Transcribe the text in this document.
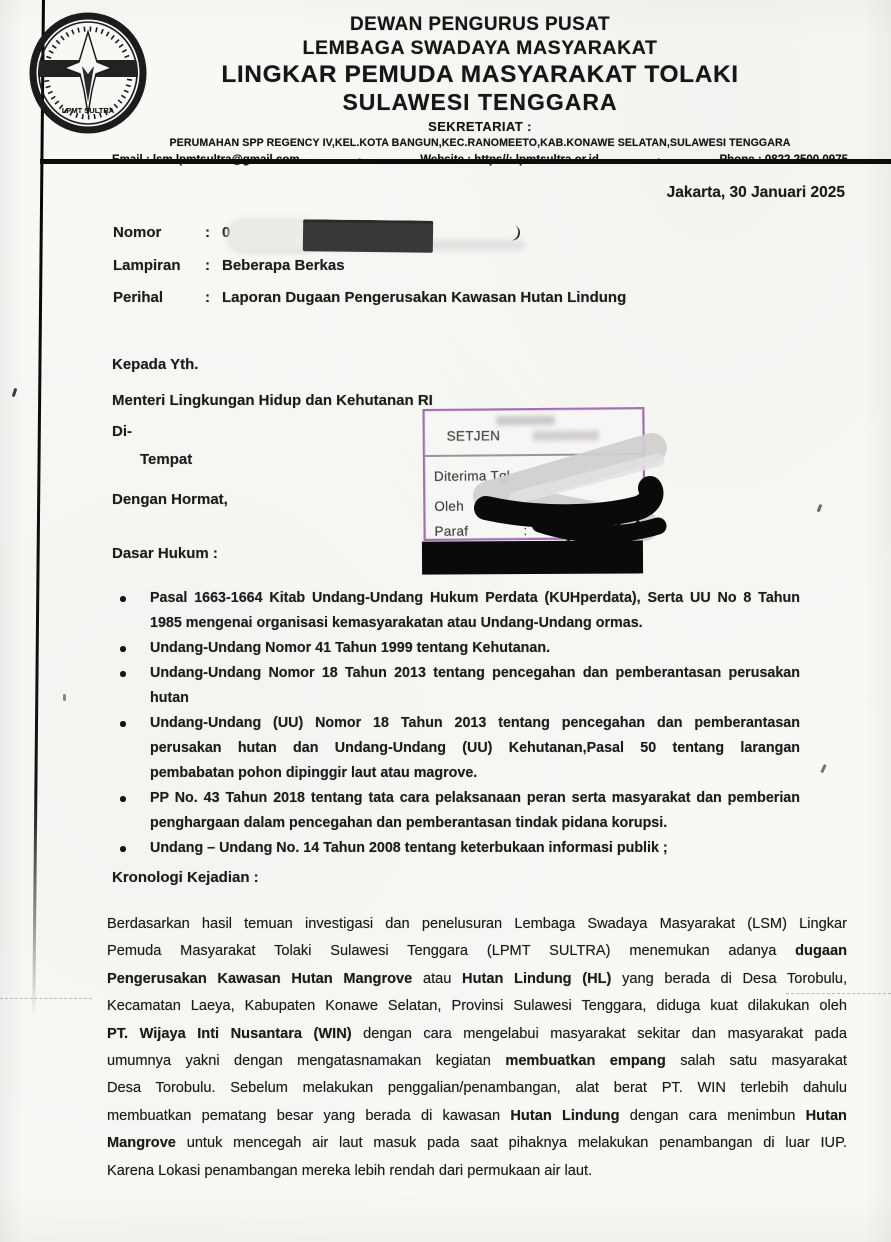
LPMT SULTRA
DEWAN PENGURUS PUSAT
LEMBAGA SWADAYA MASYARAKAT
LINGKAR PEMUDA MASYARAKAT TOLAKI
SULAWESI TENGGARA
SEKRETARIAT :
PERUMAHAN SPP REGENCY IV,KEL.KOTA BANGUN,KEC.RANOMEETO,KAB.KONAWE SELATAN,SULAWESI TENGGARA
Jakarta, 30 Januari 2025
Nomor	: 0
Lampiran	: Beberapa Berkas
Perihal	: Laporan Dugaan Pengerusakan Kawasan Hutan Lindung
Kepada Yth.
Menteri Lingkungan Hidup dan Kehutanan RI
Di-
Tempat
Dengan Hormat,
SETJEN
Diterima Tgl
Oleh
Paraf	:
Dasar Hukum :
Pasal 1663-1664 Kitab Undang-Undang Hukum Perdata (KUHperdata), Serta UU No 8 Tahun
1985 mengenai organisasi kemasyarakatan atau Undang-Undang ormas.
Undang-Undang Nomor 41 Tahun 1999 tentang Kehutanan.
Undang-Undang Nomor 18 Tahun 2013 tentang pencegahan dan pemberantasan perusakan
hutan
Undang-Undang (UU) Nomor 18 Tahun 2013 tentang pencegahan dan pemberantasan
perusakan hutan dan Undang-Undang (UU) Kehutanan,Pasal 50 tentang larangan
pembabatan pohon dipinggir laut atau magrove.
PP No. 43 Tahun 2018 tentang tata cara pelaksanaan peran serta masyarakat dan pemberian
penghargaan dalam pencegahan dan pemberantasan tindak pidana korupsi.
Undang – Undang No. 14 Tahun 2008 tentang keterbukaan informasi publik ;
Kronologi Kejadian :
Berdasarkan hasil temuan investigasi dan penelusuran Lembaga Swadaya Masyarakat (LSM) Lingkar
Pemuda Masyarakat Tolaki Sulawesi Tenggara (LPMT SULTRA) menemukan adanya dugaan
Pengerusakan Kawasan Hutan Mangrove atau Hutan Lindung (HL) yang berada di Desa Torobulu,
Kecamatan Laeya, Kabupaten Konawe Selatan, Provinsi Sulawesi Tenggara, diduga kuat dilakukan oleh
PT. Wijaya Inti Nusantara (WIN) dengan cara mengelabui masyarakat sekitar dan masyarakat pada
umumnya yakni dengan mengatasnamakan kegiatan membuatkan empang salah satu masyarakat
Desa Torobulu. Sebelum melakukan penggalian/penambangan, alat berat PT. WIN terlebih dahulu
membuatkan pematang besar yang berada di kawasan Hutan Lindung dengan cara menimbun Hutan
Mangrove untuk mencegah air laut masuk pada saat pihaknya melakukan penambangan di luar IUP.
Karena Lokasi penambangan mereka lebih rendah dari permukaan air laut.
